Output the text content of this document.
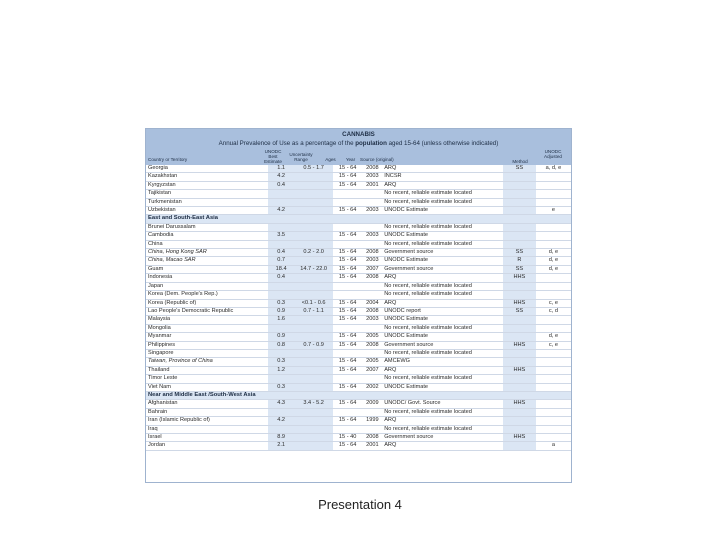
CANNABIS
Annual Prevalence of Use as a percentage of the population aged 15-64 (unless otherwise indicated)
Country or Territory
UNODC Best Estimate
Uncertainty Range	Ages	Year	Source (original)	Method
UNODC Adjusted
Georgia	1.1	0.5 - 1.7	15 - 64	2008	ARQ	SS	a, d, e
Kazakhstan	4.2		15 - 64	2003	INCSR		
Kyrgyzstan	0.4		15 - 64	2001	ARQ		
Tajikistan					No recent, reliable estimate located		
Turkmenistan					No recent, reliable estimate located		
Uzbekistan	4.2		15 - 64	2003	UNODC Estimate		e
East and South-East Asia							
Brunei Darussalam					No recent, reliable estimate located		
Cambodia	3.5		15 - 64	2003	UNODC Estimate		
China					No recent, reliable estimate located		
China, Hong Kong SAR	0.4	0.2 - 2.0	15 - 64	2008	Government source	SS	d, e
China, Macao SAR	0.7		15 - 64	2003	UNODC Estimate	R	d, e
Guam	18.4	14.7 - 22.0	15 - 64	2007	Government source	SS	d, e
Indonesia	0.4		15 - 64	2008	ARQ	HHS	
Japan					No recent, reliable estimate located		
Korea (Dem. People's Rep.)					No recent, reliable estimate located		
Korea (Republic of)	0.3	<0.1 - 0.6	15 - 64	2004	ARQ	HHS	c, e
Lao People's Democratic Republic	0.9	0.7 - 1.1	15 - 64	2008	UNODC report	SS	c, d
Malaysia	1.6		15 - 64	2003	UNODC Estimate		
Mongolia					No recent, reliable estimate located		
Myanmar	0.9		15 - 64	2005	UNODC Estimate		d, e
Philippines	0.8	0.7 - 0.9	15 - 64	2008	Government source	HHS	c, e
Singapore					No recent, reliable estimate located		
Taiwan, Province of China	0.3		15 - 64	2005	AMCEWG		
Thailand	1.2		15 - 64	2007	ARQ	HHS	
Timor Leste					No recent, reliable estimate located		
Viet Nam	0.3		15 - 64	2002	UNODC Estimate		
Near and Middle East /South-West Asia							
Afghanistan	4.3	3.4 - 5.2	15 - 64	2009	UNODC/ Govt. Source	HHS	
Bahrain					No recent, reliable estimate located		
Iran (Islamic Republic of)	4.2		15 - 64	1999	ARQ		
Iraq					No recent, reliable estimate located		
Israel	8.9		15 - 40	2008	Government source	HHS	
Jordan	2.1		15 - 64	2001	ARQ		a
Presentation 4
